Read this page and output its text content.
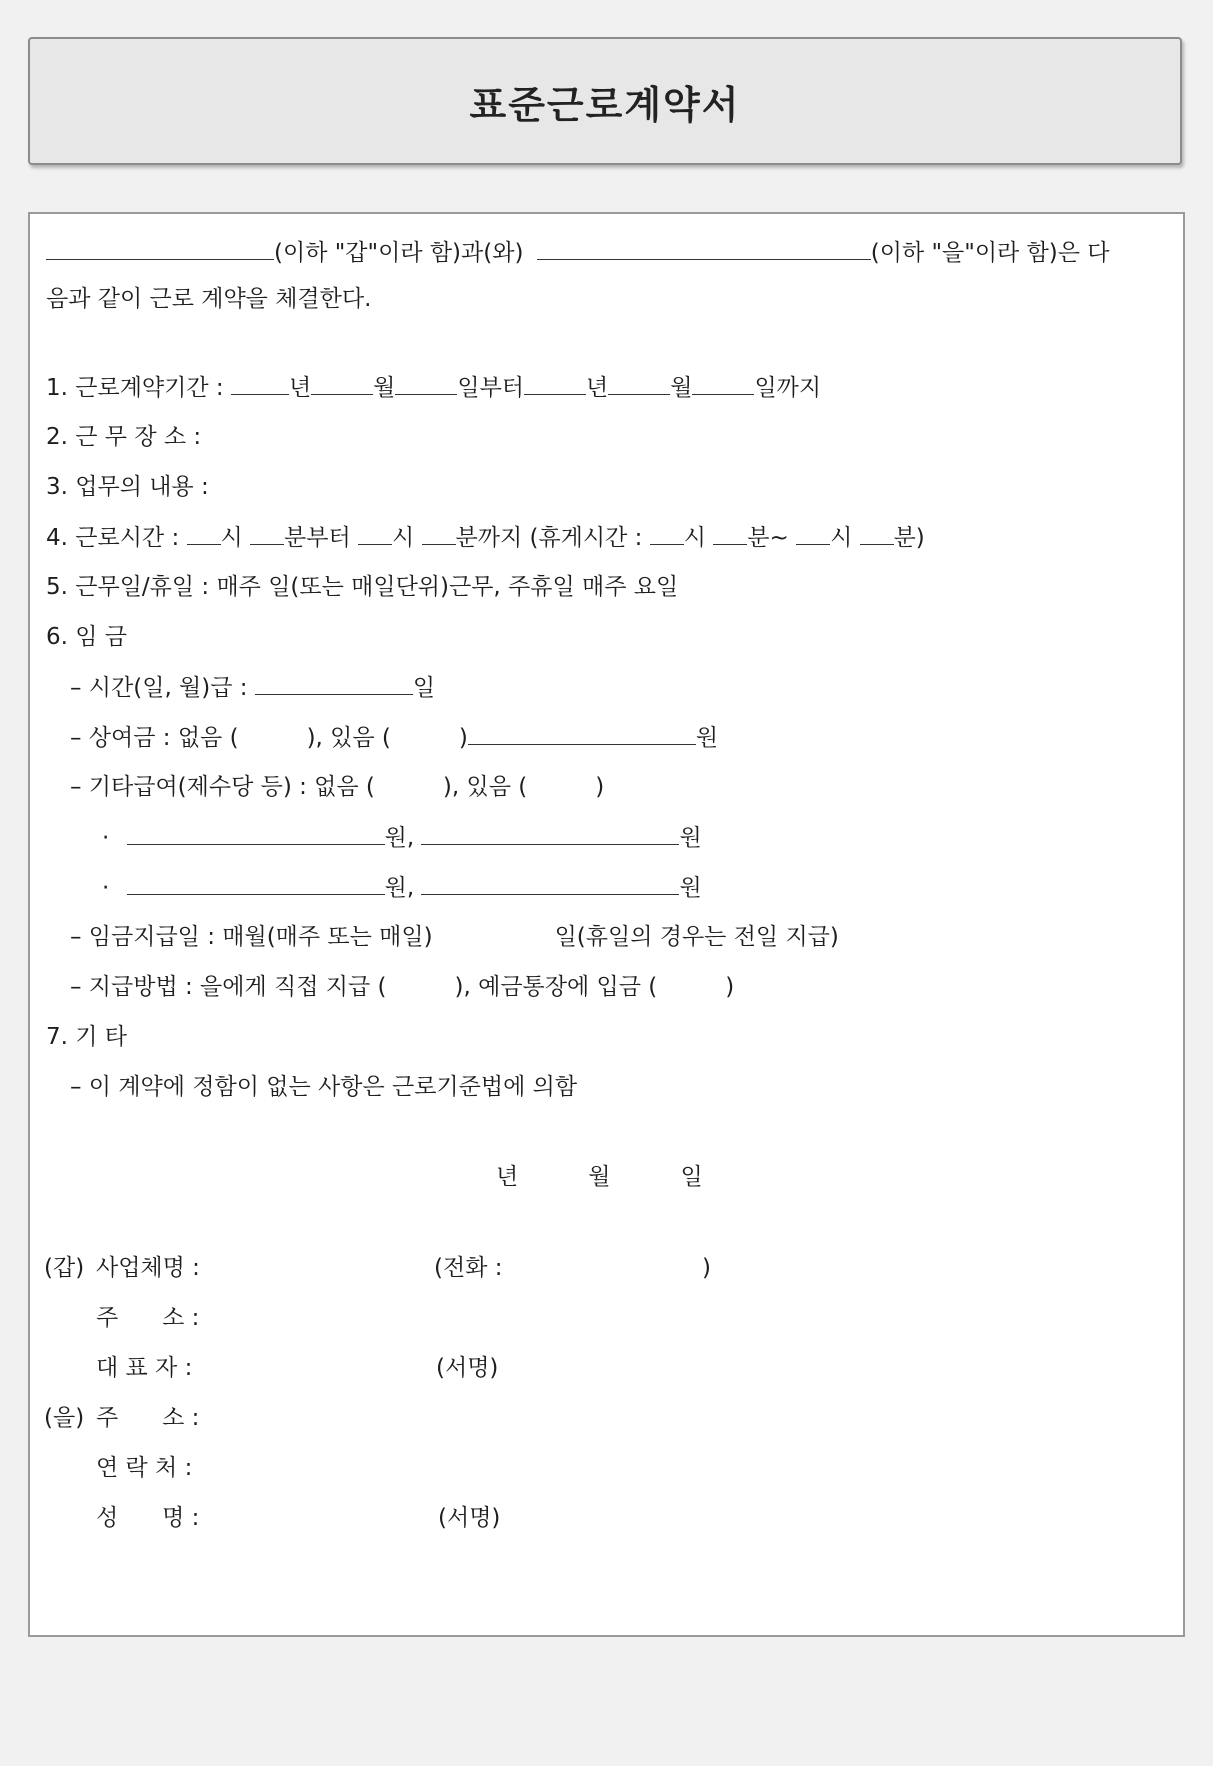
표준근로계약서
(이하 "갑"이라 함)과(와)	(이하 "을"이라 함)은 다
음과 같이 근로 계약을 체결한다.
1. 근로계약기간 :	년	월	일부터	년	월	일까지
2. 근 무 장 소 :
3. 업무의 내용 :
4. 근로시간 : 시 분부터 시 분까지 (휴게시간 : 시 분~ 시 분)
5. 근무일/휴일 : 매주 일(또는 매일단위)근무, 주휴일 매주 요일
6. 임 금
– 시간(일, 월)급 :	일
– 상여금 : 없음 (	), 있음 (	)	원
– 기타급여(제수당 등) : 없음 (	), 있음 (	)
·	원,	원
·	원,	원
– 임금지급일 : 매월(매주 또는 매일)	일(휴일의 경우는 전일 지급)
– 지급방법 : 을에게 직접 지급 (	), 예금통장에 입금 (	)
7. 기 타
– 이 계약에 정함이 없는 사항은 근로기준법에 의함
년	월	일
(갑) 사업체명 :	(전화 :	)
주      소 :
대 표 자 :	(서명)
(을) 주      소 :
연 락 처 :
성      명 :	(서명)
